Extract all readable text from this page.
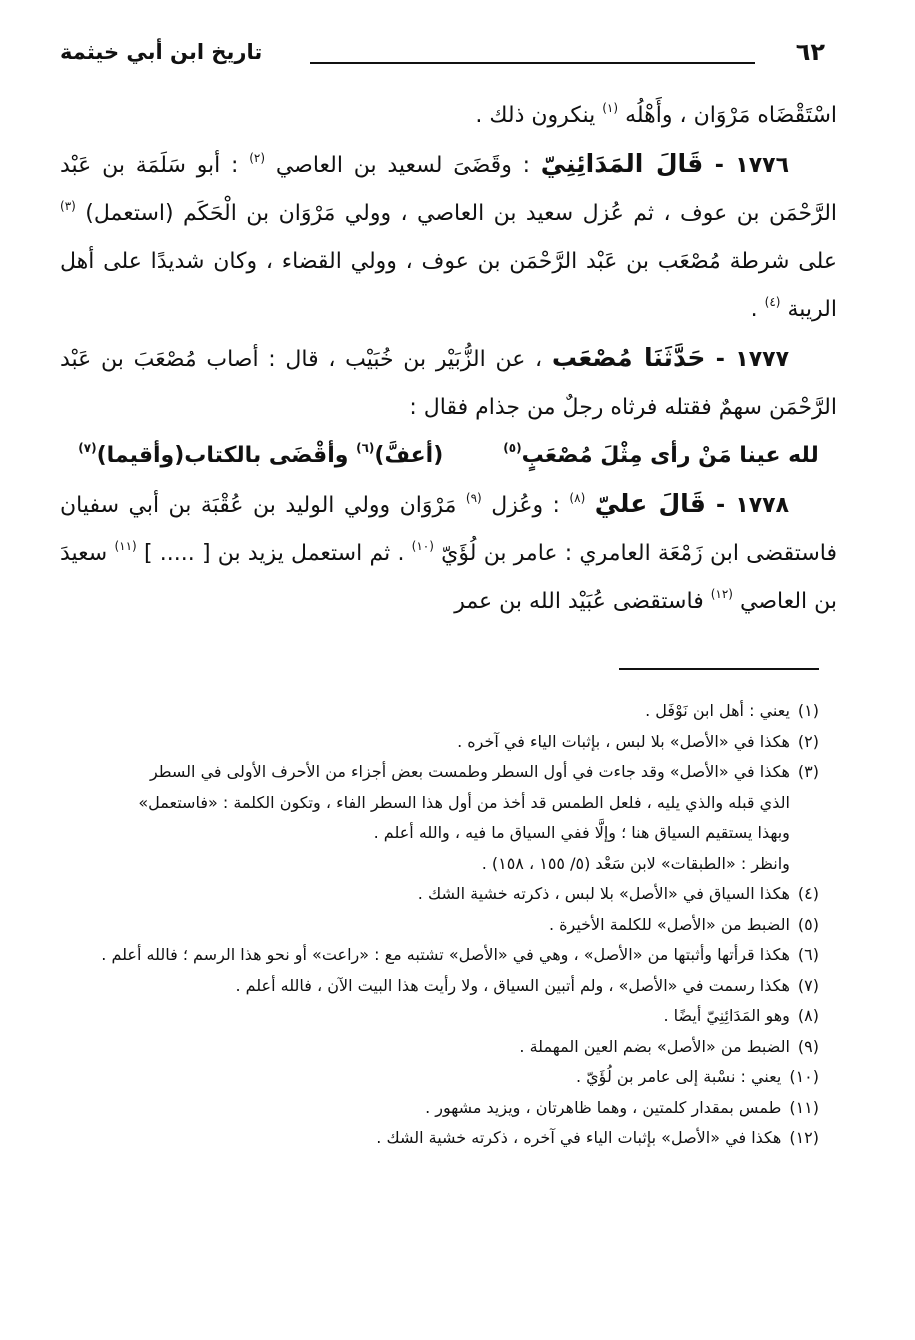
٦٢
تاريخ ابن أبي خيثمة

اسْتَقْضَاه مَرْوَان ، وأَهْلُه $^{(١)}$ ينكرون ذلك .

١٧٧٦ - قَالَ المَدَائِنِيّ : وقَضَىَ لسعيد بن العاصي $^{(٢)}$ : أبو سَلَمَة بن عَبْد الرَّحْمَن بن عوف ، ثم عُزل سعيد بن العاصي ، وولي مَرْوَان بن الْحَكَم (استعمل) $^{(٣)}$ على شرطة مُصْعَب بن عَبْد الرَّحْمَن بن عوف ، وولي القضاء ، وكان شديدًا على أهل الريبة $^{(٤)}$ .

١٧٧٧ - حَدَّثَنَا مُصْعَب ، عن الزُّبَيْر بن خُبَيْب ، قال : أصاب مُصْعَبَ بن عَبْد الرَّحْمَن سهمٌ فقتله فرثاه رجلٌ من جذام فقال :

لله عينا مَنْ رأى مِثْلَ مُصْعَبٍ$^{(٥)}$
(أعفَّ)$^{(٦)}$ وأقْضَى بالكتاب(وأقيما)$^{(٧)}$

١٧٧٨ - قَالَ عليّ $^{(٨)}$ : وعُزل $^{(٩)}$ مَرْوَان وولي الوليد بن عُقْبَة بن أبي سفيان فاستقضى ابن زَمْعَة العامري : عامر بن لُؤَيّ $^{(١٠)}$ . ثم استعمل يزيد بن [ ..... ] $^{(١١)}$ سعيدَ بن العاصي $^{(١٢)}$ فاستقضى عُبَيْد الله بن عمر

(١)
يعني : أهل ابن نَوْفَل .

(٢)
هكذا في «الأصل» بلا لبس ، بإثبات الياء في آخره .

(٣)
هكذا في «الأصل» وقد جاءت في أول السطر وطمست بعض أجزاء من الأحرف الأولى في السطر
الذي قبله والذي يليه ، فلعل الطمس قد أخذ من أول هذا السطر الفاء ، وتكون الكلمة : «فاستعمل»
وبهذا يستقيم السياق هنا ؛ وإلَّا ففي السياق ما فيه ، والله أعلم .
وانظر : «الطبقات» لابن سَعْد (٥/ ١٥٥ ، ١٥٨) .

(٤)
هكذا السياق في «الأصل» بلا لبس ، ذكرته خشية الشك .

(٥)
الضبط من «الأصل» للكلمة الأخيرة .

(٦)
هكذا قرأتها وأثبتها من «الأصل» ، وهي في «الأصل» تشتبه مع : «راعت» أو نحو هذا الرسم ؛ فالله أعلم .

(٧)
هكذا رسمت في «الأصل» ، ولم أتبين السياق ، ولا رأيت هذا البيت الآن ، فالله أعلم .

(٨)
وهو المَدَائِنِيّ أيضًا .

(٩)
الضبط من «الأصل» بضم العين المهملة .

(١٠)
يعني : نسْبة إلى عامر بن لُؤَيّ .

(١١)
طمس بمقدار كلمتين ، وهما ظاهرتان ، ويزيد مشهور .

(١٢)
هكذا في «الأصل» بإثبات الياء في آخره ، ذكرته خشية الشك .
